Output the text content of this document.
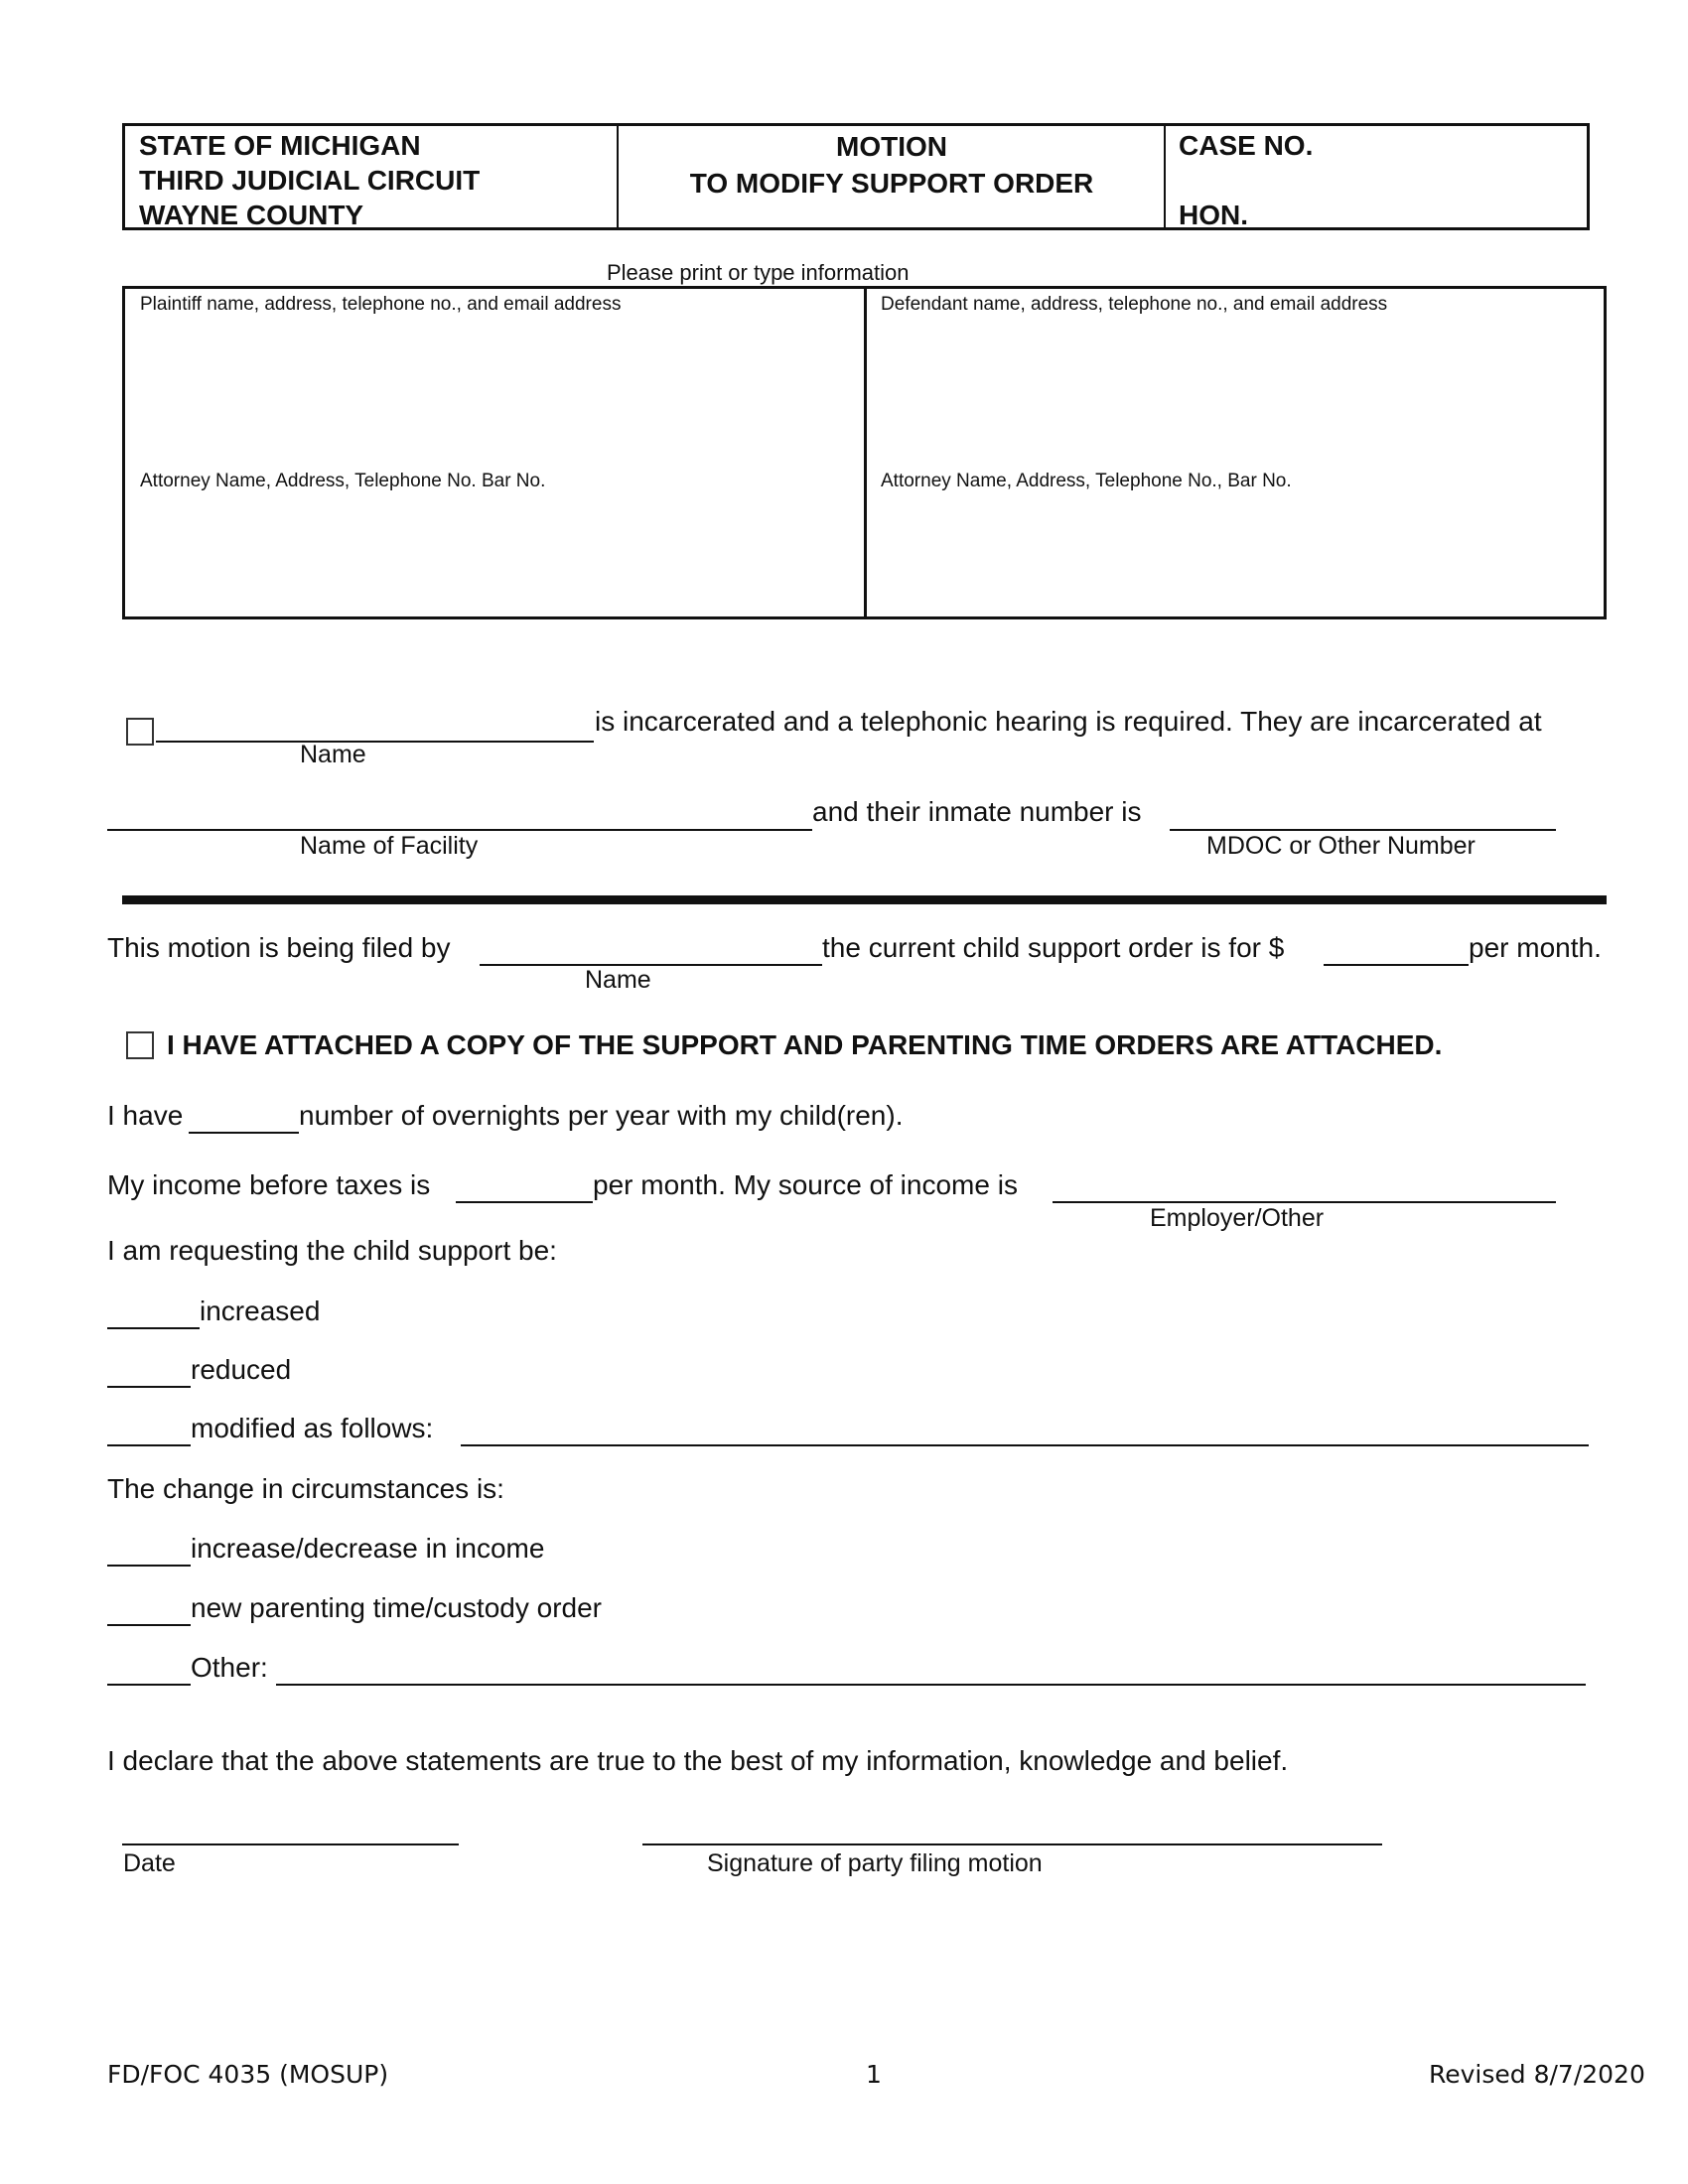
STATE OF MICHIGAN
THIRD JUDICIAL CIRCUIT
WAYNE COUNTY
MOTION
TO MODIFY SUPPORT ORDER
CASE NO.
HON.
Please print or type information
Plaintiff name, address, telephone no., and email address
Attorney Name, Address, Telephone No. Bar No.
Defendant name, address, telephone no., and email address
Attorney Name, Address, Telephone No., Bar No.
is incarcerated and a telephonic hearing is required. They are incarcerated at
Name
and their inmate number is
Name of Facility	MDOC or Other Number
This motion is being filed by	the current child support order is for $	per month.
Name
I HAVE ATTACHED A COPY OF THE SUPPORT AND PARENTING TIME ORDERS ARE ATTACHED.
I have	number of overnights per year with my child(ren).
My income before taxes is	per month. My source of income is
Employer/Other
I am requesting the child support be:
increased
reduced
modified as follows:
The change in circumstances is:
increase/decrease in income
new parenting time/custody order
Other:
I declare that the above statements are true to the best of my information, knowledge and belief.
Date	Signature of party filing motion
FD/FOC 4035 (MOSUP)	1	Revised 8/7/2020
